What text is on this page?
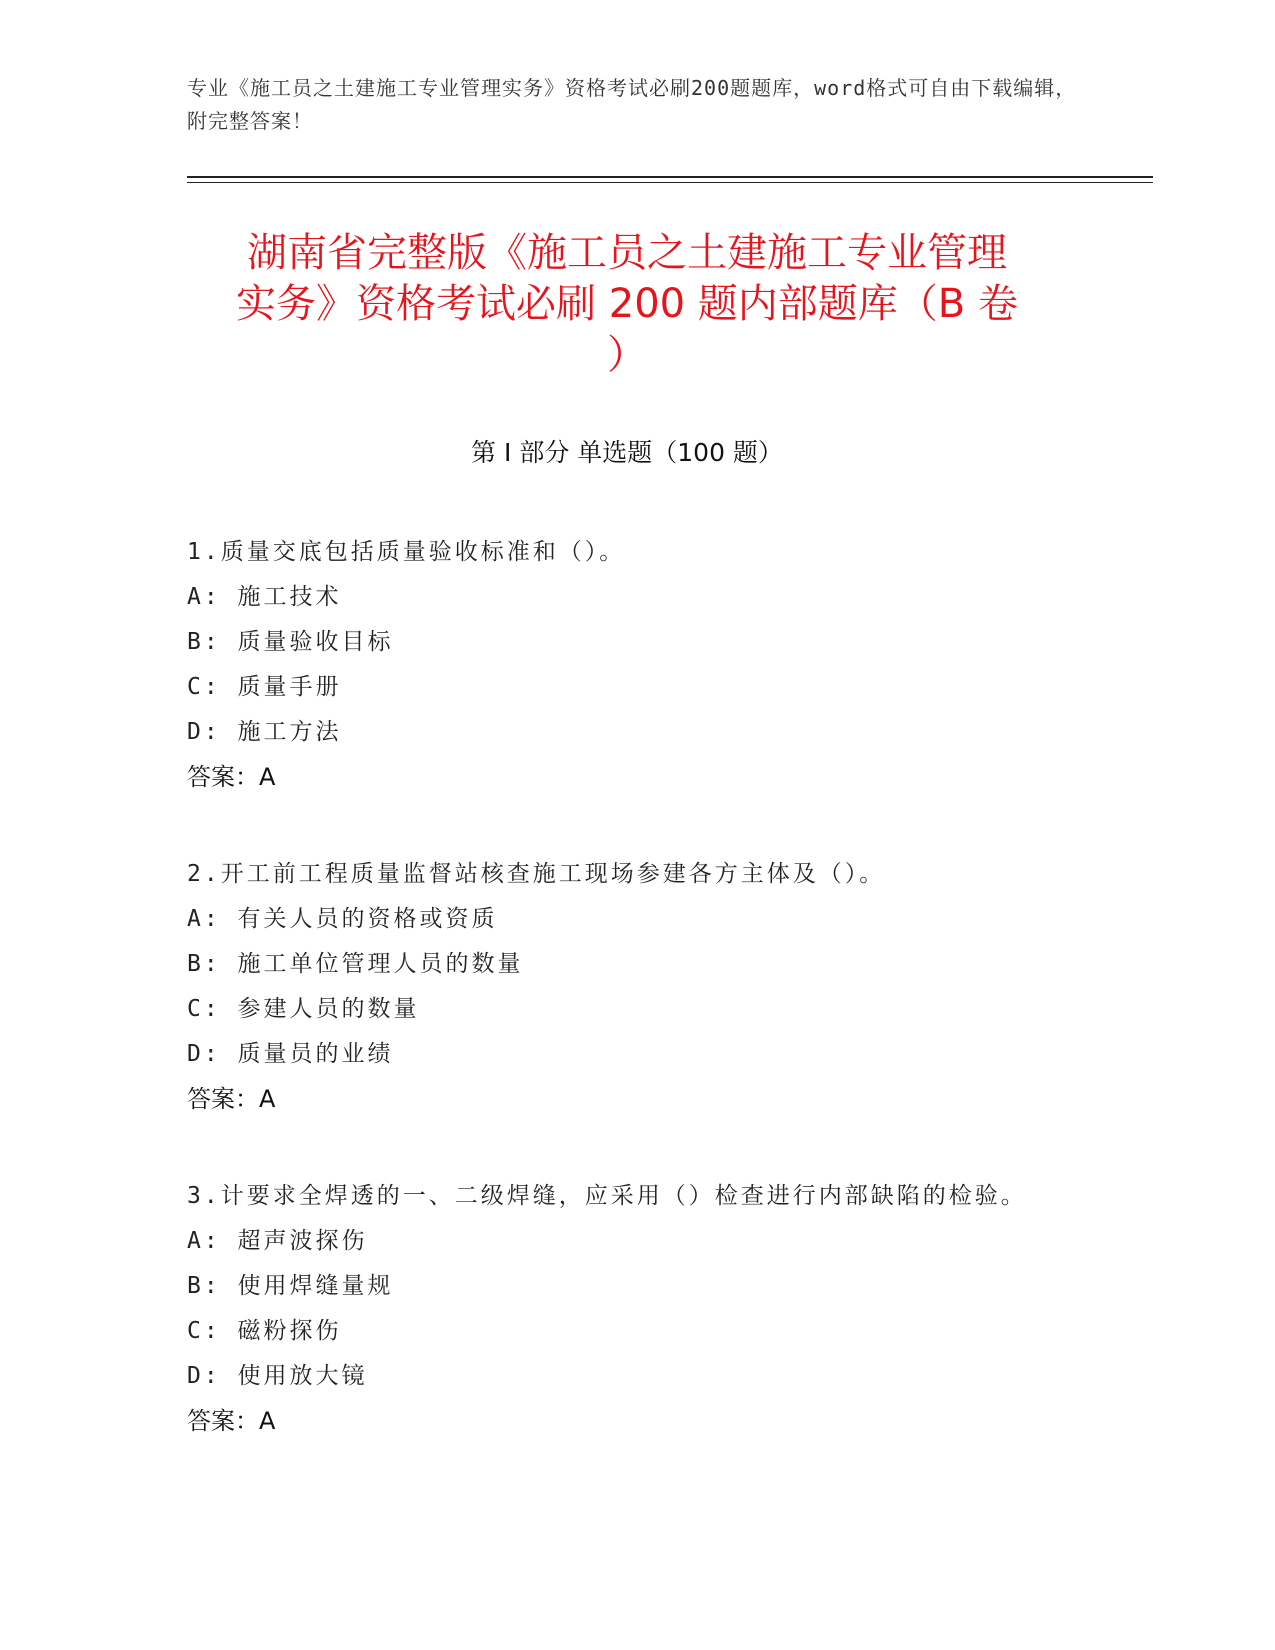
专业《施工员之土建施工专业管理实务》资格考试必刷200题题库，word格式可自由下载编辑，附完整答案！
湖南省完整版《施工员之土建施工专业管理
实务》资格考试必刷 200 题内部题库（B 卷
）
第 I 部分 单选题（100 题）
1.质量交底包括质量验收标准和（）。
A: 施工技术
B: 质量验收目标
C: 质量手册
D: 施工方法
答案：A
2.开工前工程质量监督站核查施工现场参建各方主体及（）。
A: 有关人员的资格或资质
B: 施工单位管理人员的数量
C: 参建人员的数量
D: 质量员的业绩
答案：A
3.计要求全焊透的一、二级焊缝，应采用（）检查进行内部缺陷的检验。
A: 超声波探伤
B: 使用焊缝量规
C: 磁粉探伤
D: 使用放大镜
答案：A
